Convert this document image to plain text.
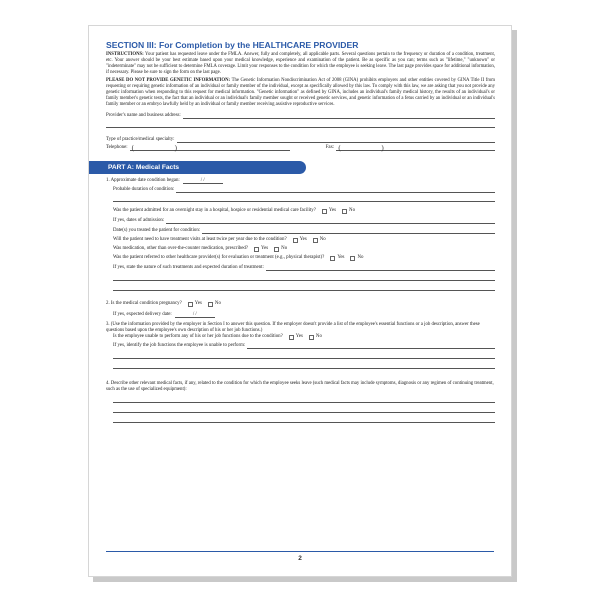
SECTION III: For Completion by the HEALTHCARE PROVIDER

INSTRUCTIONS: Your patient has requested leave under the FMLA. Answer, fully and completely, all applicable parts. Several questions pertain to the frequency or duration of a condition, treatment, etc. Your answer should be your best estimate based upon your medical knowledge, experience and examination of the patient. Be as specific as you can; terms such as "lifetime," "unknown" or "indeterminate" may not be sufficient to determine FMLA coverage. Limit your responses to the condition for which the employee is seeking leave. The last page provides space for additional information, if necessary. Please be sure to sign the form on the last page.

PLEASE DO NOT PROVIDE GENETIC INFORMATION: The Genetic Information Nondiscrimination Act of 2008 (GINA) prohibits employers and other entities covered by GINA Title II from requesting or requiring genetic information of an individual or family member of the individual, except as specifically allowed by this law. To comply with this law, we are asking that you not provide any genetic information when responding to this request for medical information. "Genetic information" as defined by GINA, includes an individual's family medical history, the results of an individual's or family member's genetic tests, the fact that an individual or an individual's family member sought or received genetic services, and genetic information of a fetus carried by an individual or an individual's family member or an embryo lawfully held by an individual or family member receiving assistive reproductive services.

Provider's name and business address:
Type of practice/medical specialty:
Telephone: (	)	Fax: (	)
PART A: Medical Facts
1. Approximate date condition began:	/ /
Probable duration of condition:
Was the patient admitted for an overnight stay in a hospital, hospice or residential medical care facility?	Yes	No
If yes, dates of admission:
Date(s) you treated the patient for condition:
Will the patient need to have treatment visits at least twice per year due to the condition?	Yes	No
Was medication, other than over-the-counter medication, prescribed?	Yes	No
Was the patient referred to other healthcare provider(s) for evaluation or treatment (e.g., physical therapist)?	Yes	No
If yes, state the nature of such treatments and expected duration of treatment:
2. Is the medical condition pregnancy?	Yes	No
If yes, expected delivery date:	/ /

3. (Use the information provided by the employer in Section I to answer this question. If the employer doesn't provide a list of the employee's essential functions or a job description, answer these questions based upon the employee's own description of his or her job functions.)

Is the employee unable to perform any of his or her job functions due to the condition?	Yes	No
If yes, identify the job functions the employee is unable to perform:

4. Describe other relevant medical facts, if any, related to the condition for which the employee seeks leave (such medical facts may include symptoms, diagnosis or any regimen of continuing treatment, such as the use of specialized equipment):

2
